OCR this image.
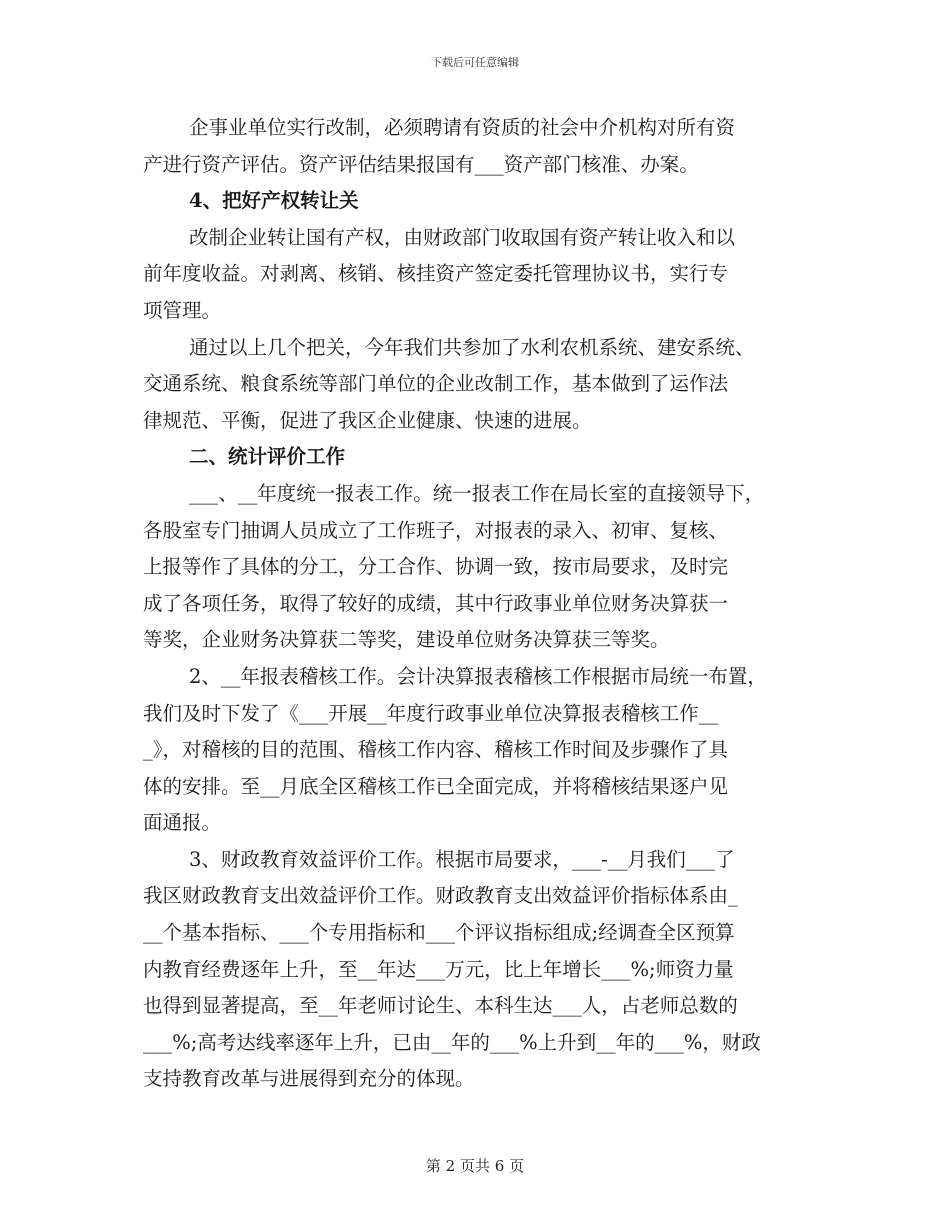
下载后可任意编辑
企事业单位实行改制，必须聘请有资质的社会中介机构对所有资
产进行资产评估。资产评估结果报国有___资产部门核准、办案。
4、把好产权转让关
改制企业转让国有产权，由财政部门收取国有资产转让收入和以
前年度收益。对剥离、核销、核挂资产签定委托管理协议书，实行专
项管理。
通过以上几个把关，今年我们共参加了水利农机系统、建安系统、
交通系统、粮食系统等部门单位的企业改制工作，基本做到了运作法
律规范、平衡，促进了我区企业健康、快速的进展。
二、统计评价工作
___、__年度统一报表工作。统一报表工作在局长室的直接领导下，
各股室专门抽调人员成立了工作班子，对报表的录入、初审、复核、
上报等作了具体的分工，分工合作、协调一致，按市局要求，及时完
成了各项任务，取得了较好的成绩，其中行政事业单位财务决算获一
等奖，企业财务决算获二等奖，建设单位财务决算获三等奖。
2、__年报表稽核工作。会计决算报表稽核工作根据市局统一布置，
我们及时下发了《___开展__年度行政事业单位决算报表稽核工作__
_》，对稽核的目的范围、稽核工作内容、稽核工作时间及步骤作了具
体的安排。至__月底全区稽核工作已全面完成，并将稽核结果逐户见
面通报。
3、财政教育效益评价工作。根据市局要求，___-__月我们___了
我区财政教育支出效益评价工作。财政教育支出效益评价指标体系由_
__个基本指标、___个专用指标和___个评议指标组成;经调查全区预算
内教育经费逐年上升，至__年达___万元，比上年增长___%;师资力量
也得到显著提高，至__年老师讨论生、本科生达___人，占老师总数的
___%;高考达线率逐年上升，已由__年的___%上升到__年的___%，财政
支持教育改革与进展得到充分的体现。
第 2 页共 6 页
